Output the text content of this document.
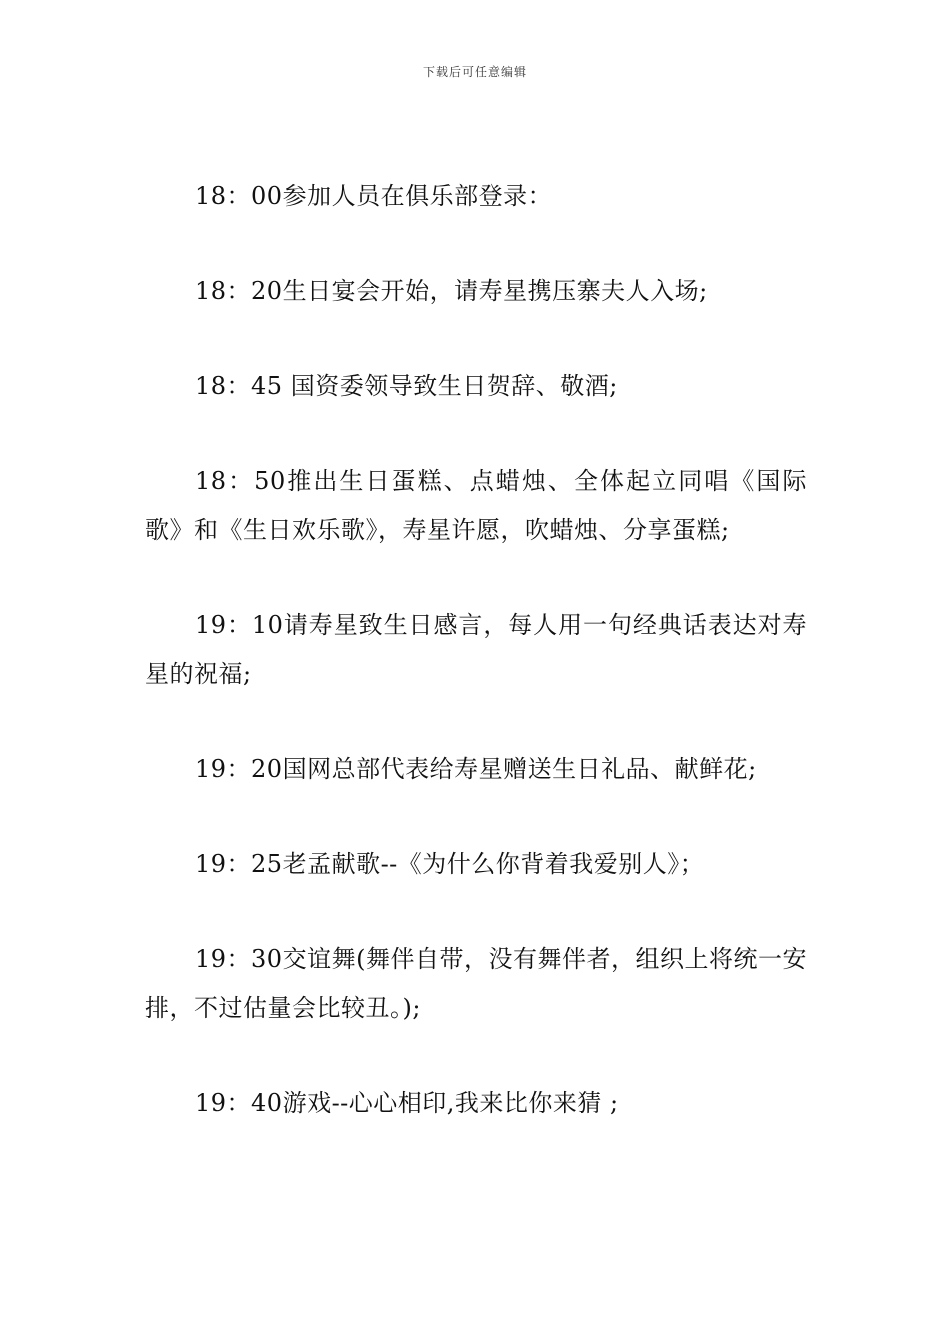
下载后可任意编辑

18：00参加人员在俱乐部登录：

18：20生日宴会开始，请寿星携压寨夫人入场;

18：45 国资委领导致生日贺辞、敬酒;

18：50推出生日蛋糕、点蜡烛、全体起立同唱《国际歌》和《生日欢乐歌》，寿星许愿，吹蜡烛、分享蛋糕;

19：10请寿星致生日感言，每人用一句经典话表达对寿星的祝福;

19：20国网总部代表给寿星赠送生日礼品、献鲜花;

19：25老孟献歌--《为什么你背着我爱别人》；

19：30交谊舞(舞伴自带，没有舞伴者，组织上将统一安排，不过估量会比较丑。);

19：40游戏--心心相印,我来比你来猜 ;
